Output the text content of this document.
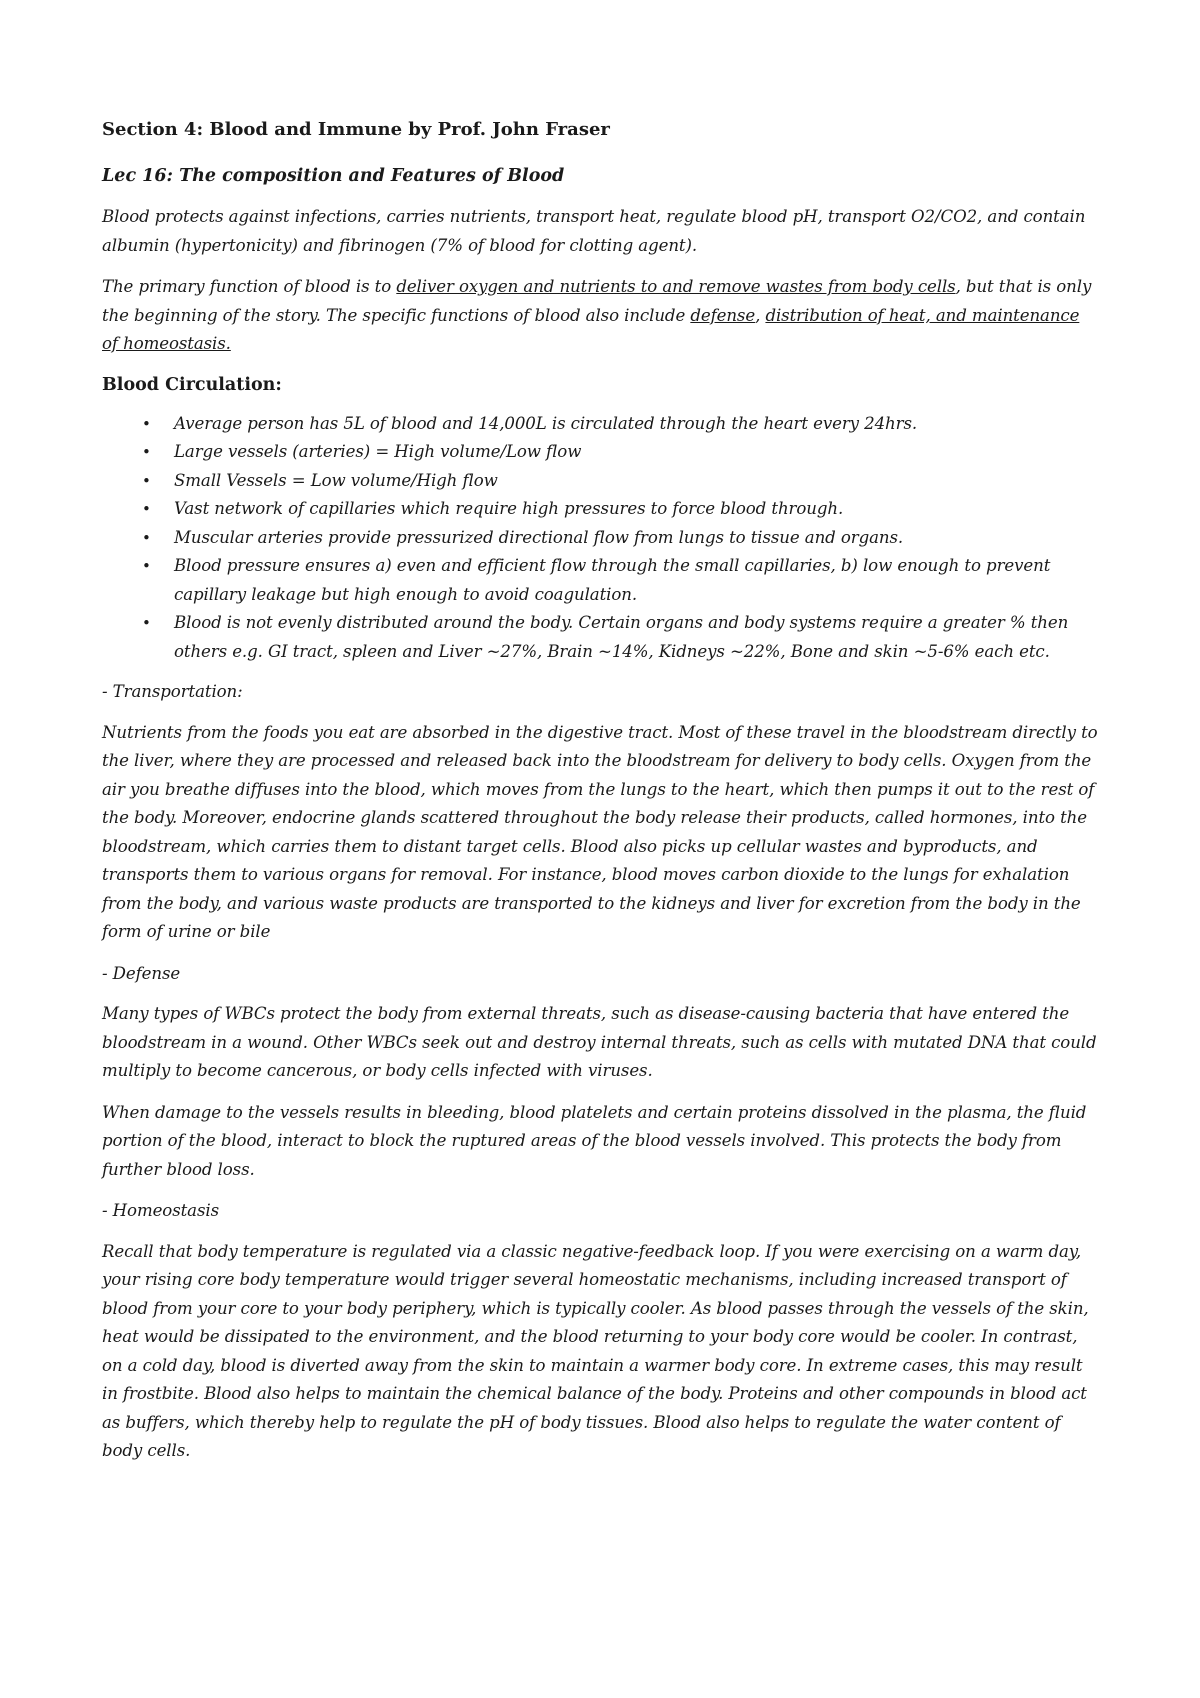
Section 4: Blood and Immune by Prof. John Fraser
Lec 16: The composition and Features of Blood

Blood protects against infections, carries nutrients, transport heat, regulate blood pH, transport O2/CO2, and contain albumin (hypertonicity) and fibrinogen (7% of blood for clotting agent).

The primary function of blood is to deliver oxygen and nutrients to and remove wastes from body cells, but that is only the beginning of the story. The specific functions of blood also include defense, distribution of heat, and maintenance of homeostasis.

Blood Circulation:
• Average person has 5L of blood and 14,000L is circulated through the heart every 24hrs.
• Large vessels (arteries) = High volume/Low flow
• Small Vessels = Low volume/High flow
• Vast network of capillaries which require high pressures to force blood through.
• Muscular arteries provide pressurized directional flow from lungs to tissue and organs.
• Blood pressure ensures a) even and efficient flow through the small capillaries, b) low enough to prevent capillary leakage but high enough to avoid coagulation.
• Blood is not evenly distributed around the body. Certain organs and body systems require a greater % then others e.g. GI tract, spleen and Liver ~27%, Brain ~14%, Kidneys ~22%, Bone and skin ~5-6% each etc.

- Transportation:

Nutrients from the foods you eat are absorbed in the digestive tract. Most of these travel in the bloodstream directly to the liver, where they are processed and released back into the bloodstream for delivery to body cells. Oxygen from the air you breathe diffuses into the blood, which moves from the lungs to the heart, which then pumps it out to the rest of the body. Moreover, endocrine glands scattered throughout the body release their products, called hormones, into the bloodstream, which carries them to distant target cells. Blood also picks up cellular wastes and byproducts, and transports them to various organs for removal. For instance, blood moves carbon dioxide to the lungs for exhalation from the body, and various waste products are transported to the kidneys and liver for excretion from the body in the form of urine or bile

- Defense

Many types of WBCs protect the body from external threats, such as disease-causing bacteria that have entered the bloodstream in a wound. Other WBCs seek out and destroy internal threats, such as cells with mutated DNA that could multiply to become cancerous, or body cells infected with viruses.

When damage to the vessels results in bleeding, blood platelets and certain proteins dissolved in the plasma, the fluid portion of the blood, interact to block the ruptured areas of the blood vessels involved. This protects the body from further blood loss.

- Homeostasis

Recall that body temperature is regulated via a classic negative-feedback loop. If you were exercising on a warm day, your rising core body temperature would trigger several homeostatic mechanisms, including increased transport of blood from your core to your body periphery, which is typically cooler. As blood passes through the vessels of the skin, heat would be dissipated to the environment, and the blood returning to your body core would be cooler. In contrast, on a cold day, blood is diverted away from the skin to maintain a warmer body core. In extreme cases, this may result in frostbite. Blood also helps to maintain the chemical balance of the body. Proteins and other compounds in blood act as buffers, which thereby help to regulate the pH of body tissues. Blood also helps to regulate the water content of body cells.
